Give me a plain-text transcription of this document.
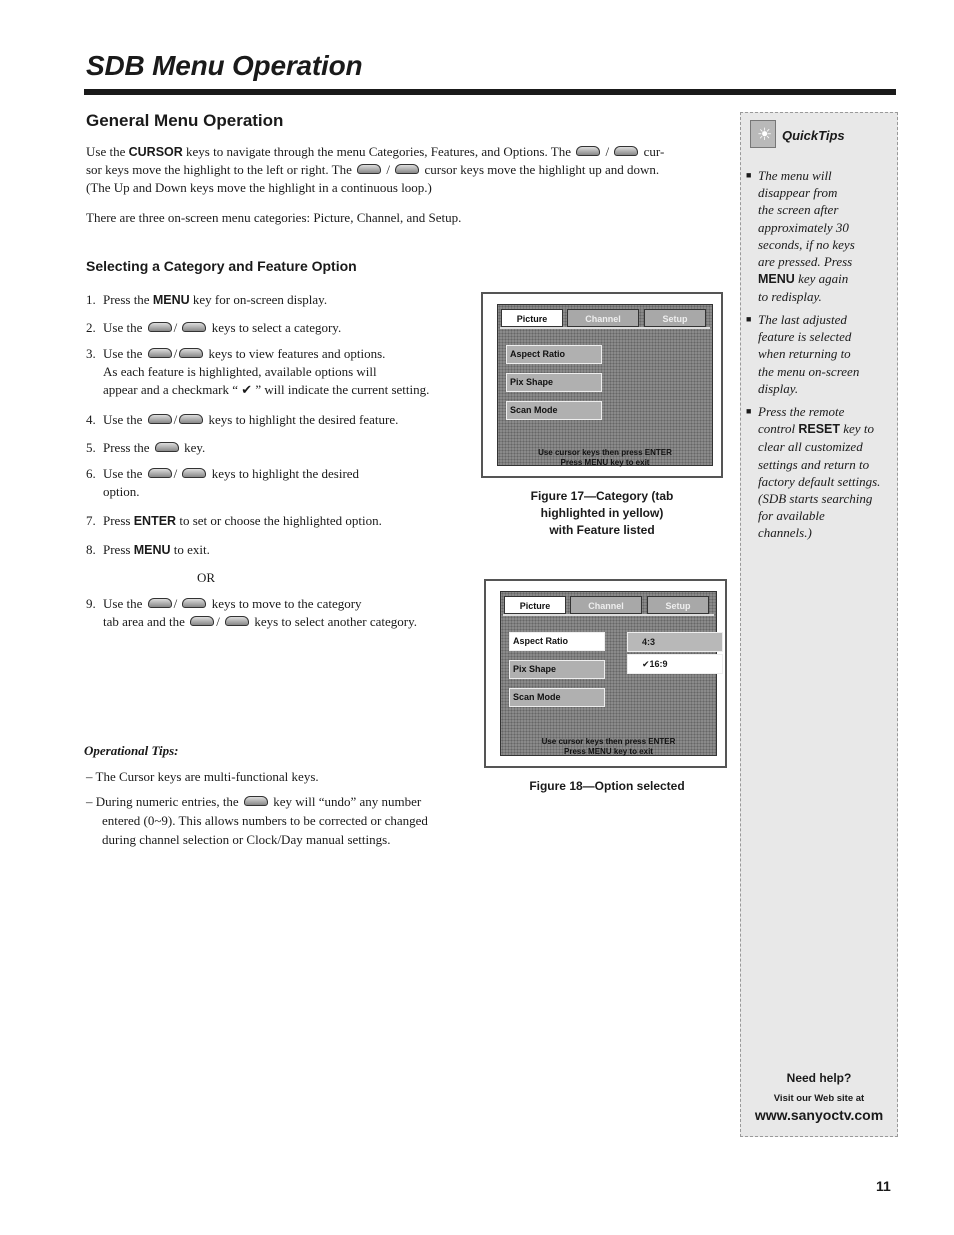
SDB Menu Operation
General Menu Operation
Use the CURSOR keys to navigate through the menu Categories, Features, and Options. The	/	cur-
sor keys move the highlight to the left or right. The	/	cursor keys move the highlight up and down.
(The Up and Down keys move the highlight in a continuous loop.)
There are three on-screen menu categories: Picture, Channel, and Setup.
Selecting a Category and Feature Option
1. Press the MENU key for on-screen display.
2. Use the /	keys to select a category.
3. Use the / keys to view features and options.
As each feature is highlighted, available options will
appear and a checkmark “ ✔ ” will indicate the current setting.
4. Use the / keys to highlight the desired feature.
5. Press the	key.
6. Use the /	keys to highlight the desired
option.
7. Press ENTER to set or choose the highlighted option.
8. Press MENU to exit.
OR
9. Use the /	keys to move to the category
tab area and the /	keys to select another category.
Picture	Channel	Setup
Aspect Ratio
Pix Shape
Scan Mode
Use cursor keys then press ENTER
Press MENU key to exit
Figure 17—Category (tab
highlighted in yellow)
with Feature listed
Picture	Channel	Setup
Aspect Ratio
Pix Shape
Scan Mode
4:3
✔16:9
Use cursor keys then press ENTER
Press MENU key to exit
Figure 18—Option selected
Operational Tips:
– The Cursor keys are multi-functional keys.
– During numeric entries, the	key will “undo” any number
entered (0~9). This allows numbers to be corrected or changed
during channel selection or Clock/Day manual settings.
☀ QuickTips
■ The menu will
disappear from
the screen after
approximately 30
seconds, if no keys
are pressed. Press
MENU key again
to redisplay.
■ The last adjusted
feature is selected
when returning to
the menu on-screen
display.
■ Press the remote
control RESET key to
clear all customized
settings and return to
factory default settings.
(SDB starts searching
for available
channels.)
Need help?
Visit our Web site at
www.sanyoctv.com
11
